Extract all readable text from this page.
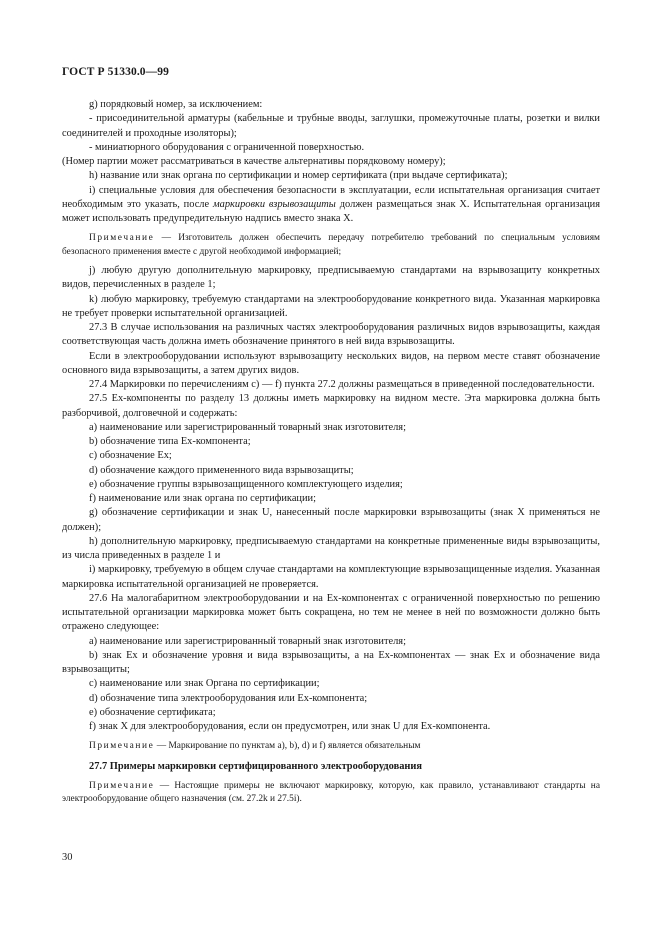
ГОСТ Р 51330.0—99

g) порядковый номер, за исключением:

- присоединительной арматуры (кабельные и трубные вводы, заглушки, промежуточные платы, розетки и вилки соединителей и проходные изоляторы);

- миниатюрного оборудования с ограниченной поверхностью.

(Номер партии может рассматриваться в качестве альтернативы порядковому номеру);

h) название или знак органа по сертификации и номер сертификата (при выдаче сертификата);

i) специальные условия для обеспечения безопасности в эксплуатации, если испытательная организация считает необходимым это указать, после маркировки взрывозащиты должен размещаться знак X. Испытательная организация может использовать предупредительную надпись вместо знака X.

Примечание — Изготовитель должен обеспечить передачу потребителю требований по специальным условиям безопасного применения вместе с другой необходимой информацией;

j) любую другую дополнительную маркировку, предписываемую стандартами на взрывозащиту конкретных видов, перечисленных в разделе 1;

k) любую маркировку, требуемую стандартами на электрооборудование конкретного вида. Указанная маркировка не требует проверки испытательной организацией.

27.3 В случае использования на различных частях электрооборудования различных видов взрывозащиты, каждая соответствующая часть должна иметь обозначение принятого в ней вида взрывозащиты.

Если в электрооборудовании используют взрывозащиту нескольких видов, на первом месте ставят обозначение основного вида взрывозащиты, а затем других видов.

27.4 Маркировки по перечислениям c) — f) пункта 27.2 должны размещаться в приведенной последовательности.

27.5 Ех-компоненты по разделу 13 должны иметь маркировку на видном месте. Эта маркировка должна быть разборчивой, долговечной и содержать:

a) наименование или зарегистрированный товарный знак изготовителя;

b) обозначение типа Ех-компонента;

c) обозначение Ex;

d) обозначение каждого примененного вида взрывозащиты;

e) обозначение группы взрывозащищенного комплектующего изделия;

f) наименование или знак органа по сертификации;

g) обозначение сертификации и знак U, нанесенный после маркировки взрывозащиты (знак X применяться не должен);

h) дополнительную маркировку, предписываемую стандартами на конкретные примененные виды взрывозащиты, из числа приведенных в разделе 1 и

i) маркировку, требуемую в общем случае стандартами на комплектующие взрывозащищенные изделия. Указанная маркировка испытательной организацией не проверяется.

27.6 На малогабаритном электрооборудовании и на Ех-компонентах с ограниченной поверхностью по решению испытательной организации маркировка может быть сокращена, но тем не менее в ней по возможности должно быть отражено следующее:

a) наименование или зарегистрированный товарный знак изготовителя;

b) знак Ex и обозначение уровня и вида взрывозащиты, а на Ех-компонентах — знак Ex и обозначение вида взрывозащиты;

c) наименование или знак Органа по сертификации;

d) обозначение типа электрооборудования или Ех-компонента;

e) обозначение сертификата;

f) знак X для электрооборудования, если он предусмотрен, или знак U для Ех-компонента.

Примечание — Маркирование по пунктам a), b), d) и f) является обязательным

27.7 Примеры маркировки сертифицированного электрооборудования

Примечание — Настоящие примеры не включают маркировку, которую, как правило, устанавливают стандарты на электрооборудование общего назначения (см. 27.2k и 27.5i).

30
